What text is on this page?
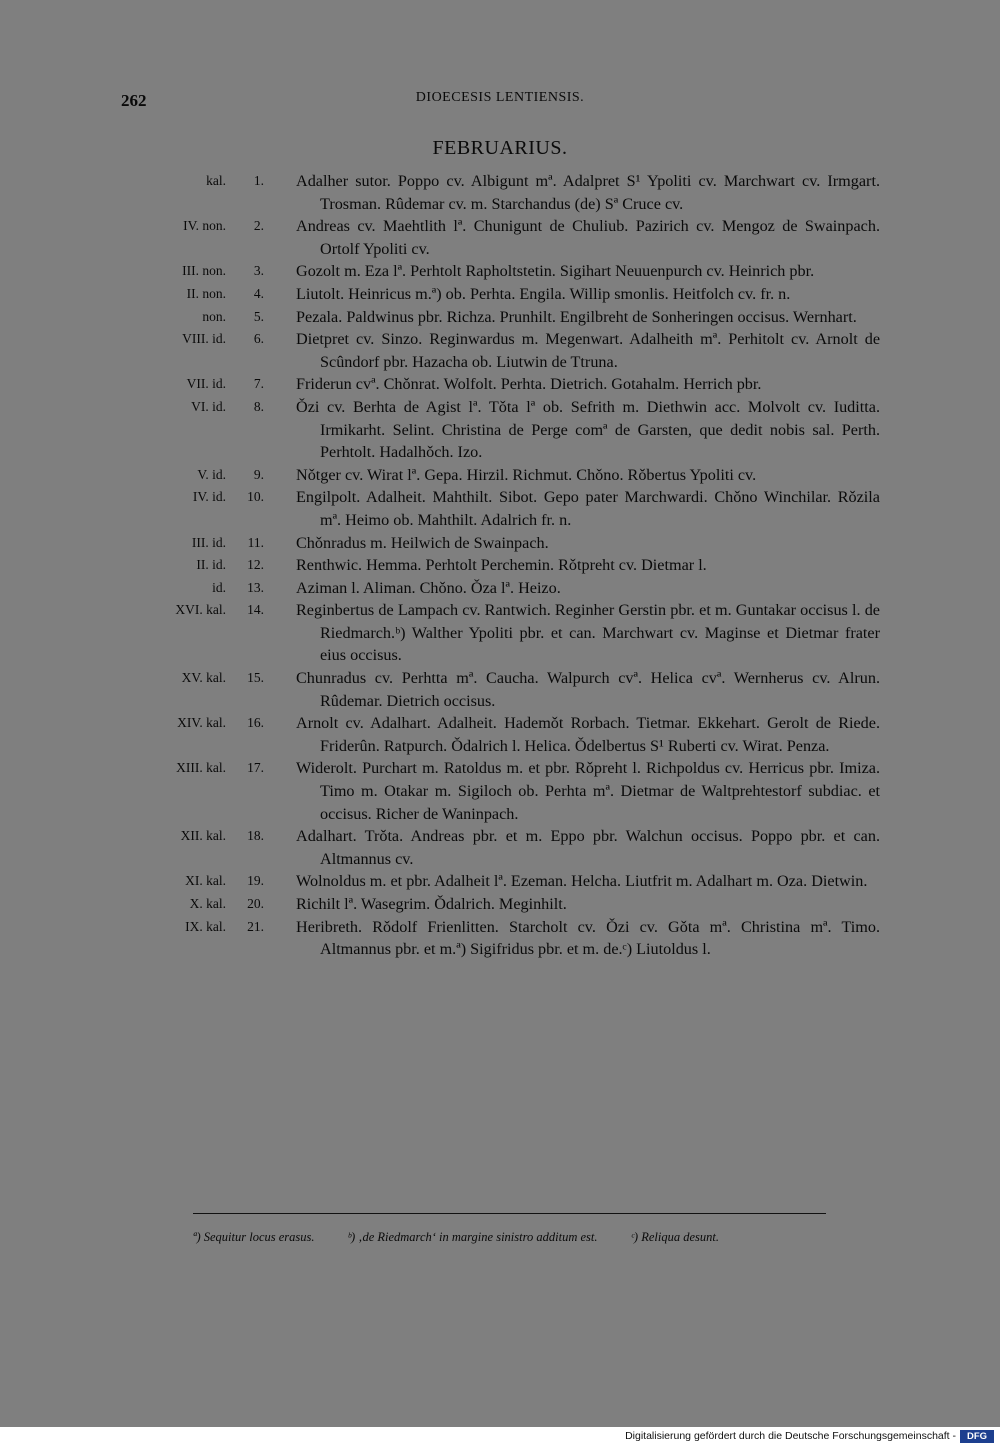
262	DIOECESIS LENTIENSIS.
FEBRUARIUS.
kal.	1. Adalher sutor. Poppo cv. Albigunt mª. Adalpret S¹ Ypoliti cv. Marchwart cv. Irmgart. Trosman. Rûdemar cv. m. Starchandus (de) Sª Cruce cv.
IV. non.	2. Andreas cv. Maehtlith lª. Chunigunt de Chuliub. Pazirich cv. Mengoz de Swainpach. Ortolf Ypoliti cv.
III. non.	3. Gozolt m. Eza lª. Perhtolt Rapholtstetin. Sigihart Neuuenpurch cv. Heinrich pbr.
II. non.	4. Liutolt. Heinricus m.ª) ob. Perhta. Engila. Willip smonlis. Heitfolch cv. fr. n.
non.	5. Pezala. Paldwinus pbr. Richza. Prunhilt. Engilbreht de Sonheringen occisus. Wernhart.
VIII. id.	6. Dietpret cv. Sinzo. Reginwardus m. Megenwart. Adalheith mª. Perhitolt cv. Arnolt de Scûndorf pbr. Hazacha ob. Liutwin de Ttruna.
VII. id.	7. Friderun cvª. Chǒnrat. Wolfolt. Perhta. Dietrich. Gotahalm. Herrich pbr.
VI. id.	8. Ǒzi cv. Berhta de Agist lª. Tǒta lª ob. Sefrith m. Diethwin acc. Molvolt cv. Iuditta. Irmikarht. Selint. Christina de Perge comª de Garsten, que dedit nobis sal. Perth. Perhtolt. Hadalhǒch. Izo.
V. id.	9. Nǒtger cv. Wirat lª. Gepa. Hirzil. Richmut. Chǒno. Rǒbertus Ypoliti cv.
IV. id.	10. Engilpolt. Adalheit. Mahthilt. Sibot. Gepo pater Marchwardi. Chǒno Winchilar. Rǒzila mª. Heimo ob. Mahthilt. Adalrich fr. n.
III. id.	11. Chǒnradus m. Heilwich de Swainpach.
II. id.	12. Renthwic. Hemma. Perhtolt Perchemin. Rǒtpreht cv. Dietmar l.
id.	13. Aziman l. Aliman. Chǒno. Ǒza lª. Heizo.
XVI. kal.	14. Reginbertus de Lampach cv. Rantwich. Reginher Gerstin pbr. et m. Guntakar occisus l. de Riedmarch.ᵇ) Walther Ypoliti pbr. et can. Marchwart cv. Maginse et Dietmar frater eius occisus.
XV. kal.	15. Chunradus cv. Perhtta mª. Caucha. Walpurch cvª. Helica cvª. Wernherus cv. Alrun. Rûdemar. Dietrich occisus.
XIV. kal.	16. Arnolt cv. Adalhart. Adalheit. Hademǒt Rorbach. Tietmar. Ekkehart. Gerolt de Riede. Friderûn. Ratpurch. Ǒdalrich l. Helica. Ǒdelbertus S¹ Ruberti cv. Wirat. Penza.
XIII. kal.	17. Widerolt. Purchart m. Ratoldus m. et pbr. Rǒpreht l. Richpoldus cv. Herricus pbr. Imiza. Timo m. Otakar m. Sigiloch ob. Perhta mª. Dietmar de Waltprehtestorf subdiac. et occisus. Richer de Waninpach.
XII. kal.	18. Adalhart. Trǒta. Andreas pbr. et m. Eppo pbr. Walchun occisus. Poppo pbr. et can. Altmannus cv.
XI. kal.	19. Wolnoldus m. et pbr. Adalheit lª. Ezeman. Helcha. Liutfrit m. Adalhart m. Oza. Dietwin.
X. kal.	20. Richilt lª. Wasegrim. Ǒdalrich. Meginhilt.
IX. kal.	21. Heribreth. Rǒdolf Frienlitten. Starcholt cv. Ǒzi cv. Gǒta mª. Christina mª. Timo. Altmannus pbr. et m.ª) Sigifridus pbr. et m. de.ᶜ) Liutoldus l.
ª) Sequitur locus erasus.	ᵇ) ‚de Riedmarch‘ in margine sinistro additum est.	ᶜ) Reliqua desunt.
Digitalisierung gefördert durch die Deutsche Forschungsgemeinschaft -	DFG
